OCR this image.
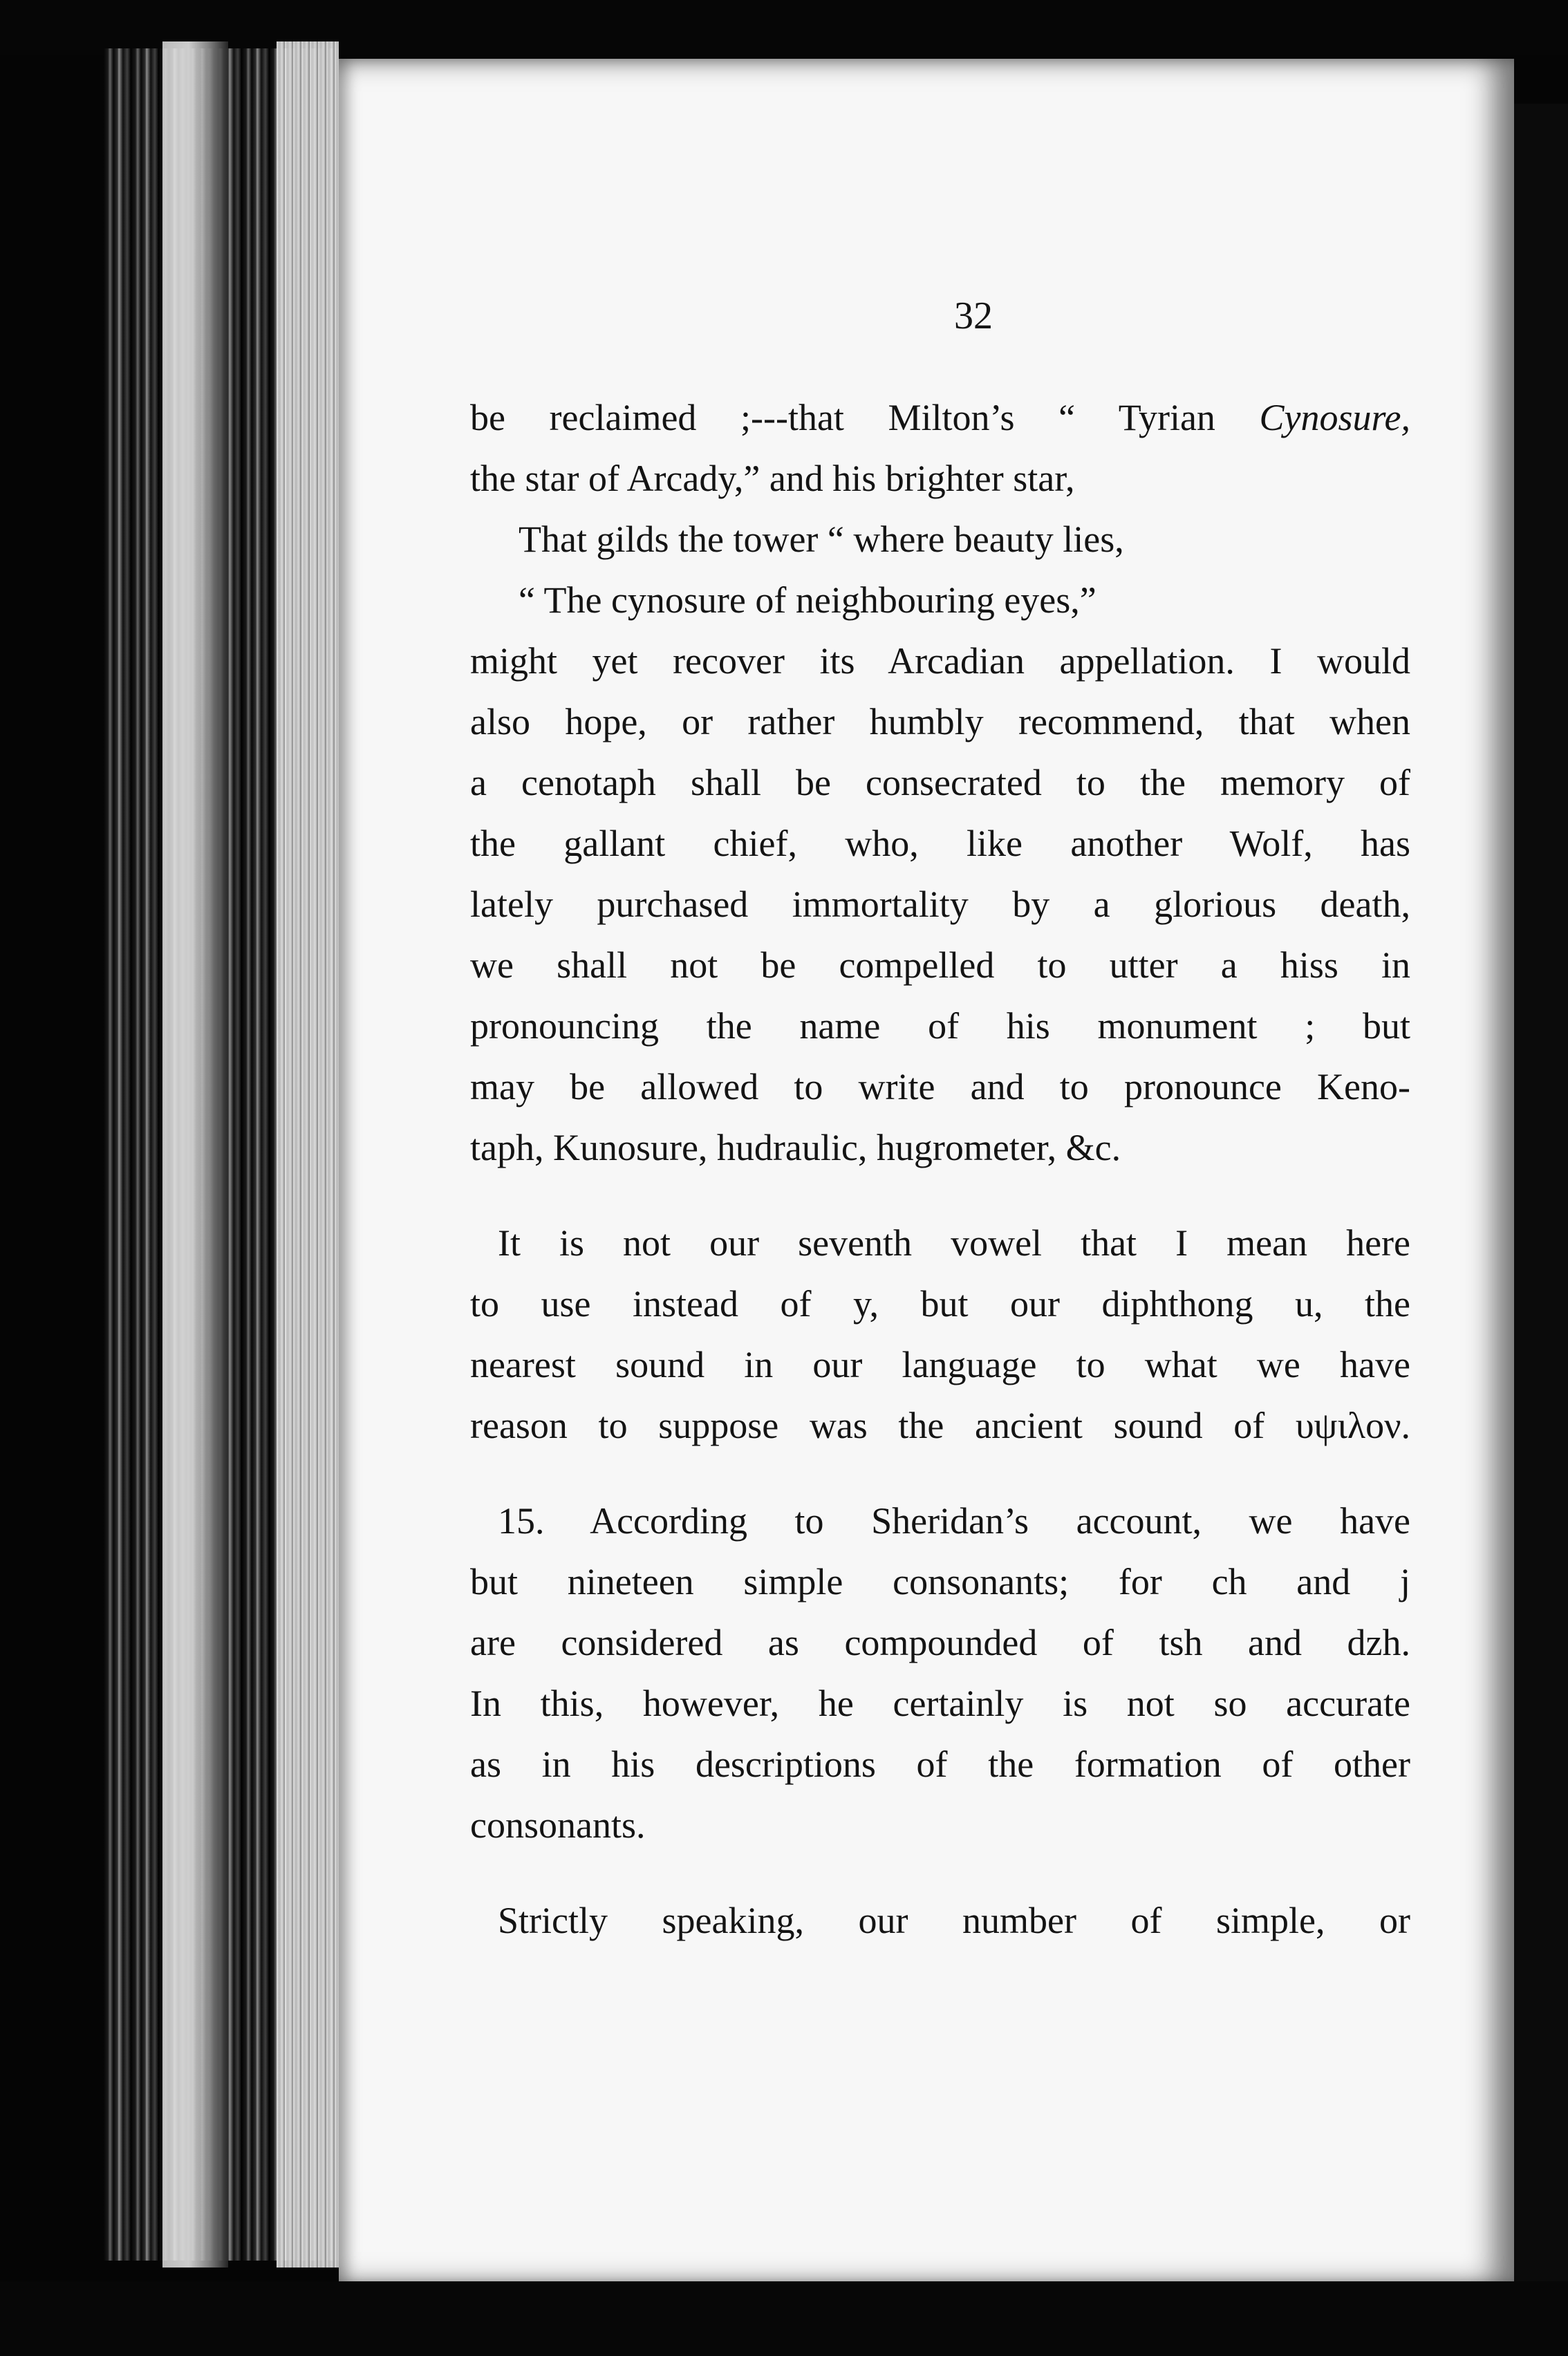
32
be reclaimed ;---that Milton’s “ Tyrian Cynosure,
the star of Arcady,” and his brighter star,
That gilds the tower “ where beauty lies,
“ The cynosure of neighbouring eyes,”
might yet recover its Arcadian appellation. I would
also hope, or rather humbly recommend, that when
a cenotaph shall be consecrated to the memory of
the gallant chief, who, like another Wolf, has
lately purchased immortality by a glorious death,
we shall not be compelled to utter a hiss in
pronouncing the name of his monument ; but
may be allowed to write and to pronounce Keno-
taph, Kunosure, hudraulic, hugrometer, &c.
It is not our seventh vowel that I mean here
to use instead of y, but our diphthong u, the
nearest sound in our language to what we have
reason to suppose was the ancient sound of υψιλον.
15. According to Sheridan’s account, we have
but nineteen simple consonants; for ch and j
are considered as compounded of tsh and dzh.
In this, however, he certainly is not so accurate
as in his descriptions of the formation of other
consonants.
Strictly speaking, our number of simple, or
